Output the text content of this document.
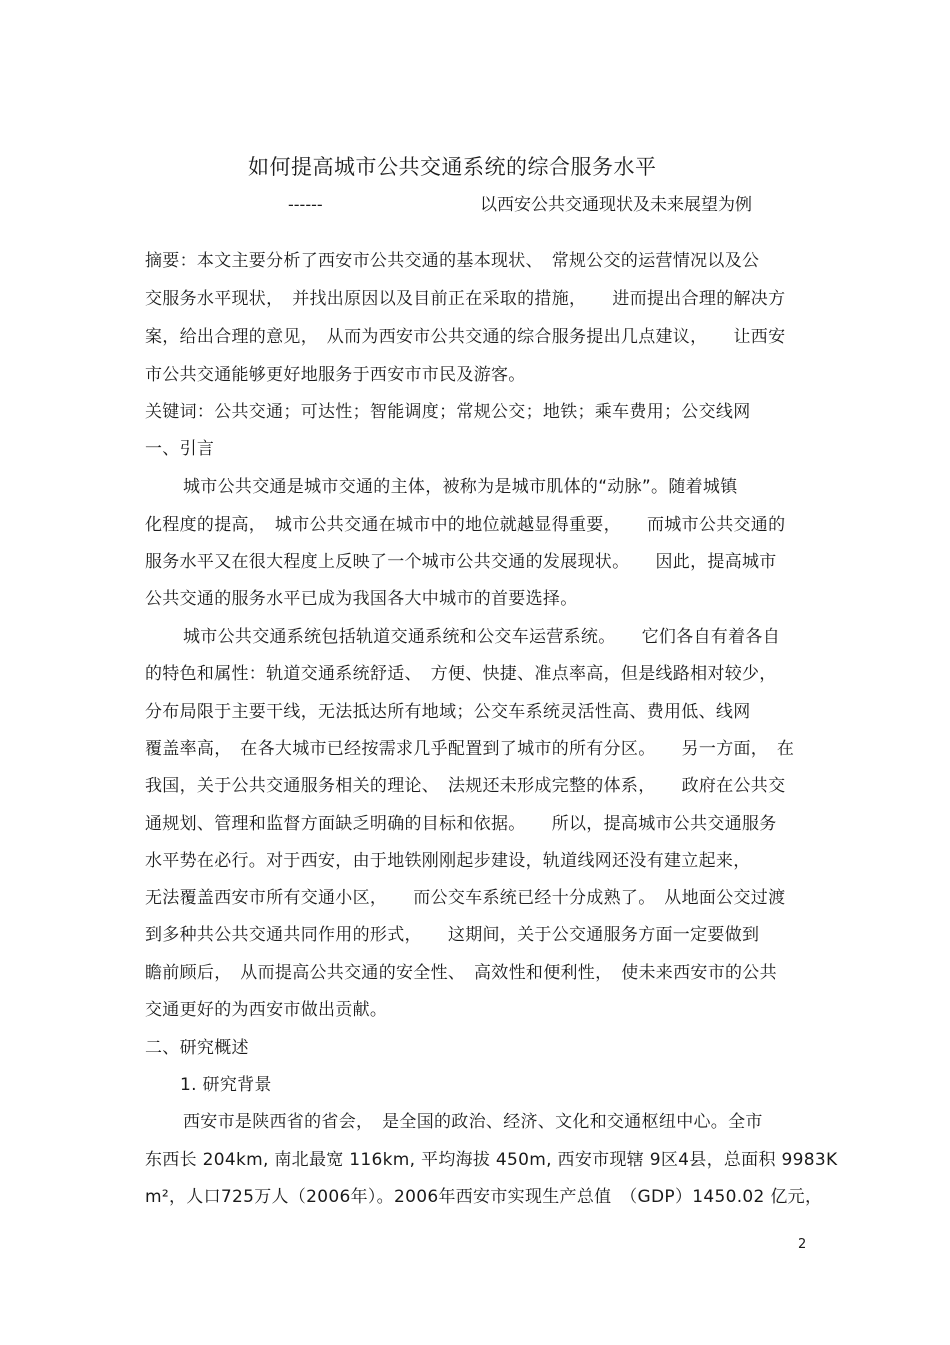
如何提高城市公共交通系统的综合服务水平
------	以西安公共交通现状及未来展望为例
摘要：本文主要分析了西安市公共交通的基本现状、　常规公交的运营情况以及公
交服务水平现状，　并找出原因以及目前正在采取的措施，　　进而提出合理的解决方
案，给出合理的意见，　从而为西安市公共交通的综合服务提出几点建议，　　让西安
市公共交通能够更好地服务于西安市市民及游客。
关键词：公共交通；可达性；智能调度；常规公交；地铁；乘车费用；公交线网
一、引言
城市公共交通是城市交通的主体，被称为是城市肌体的“动脉”。随着城镇
化程度的提高，　城市公共交通在城市中的地位就越显得重要，　　而城市公共交通的
服务水平又在很大程度上反映了一个城市公共交通的发展现状。　　因此，提高城市
公共交通的服务水平已成为我国各大中城市的首要选择。
城市公共交通系统包括轨道交通系统和公交车运营系统。　　它们各自有着各自
的特色和属性：轨道交通系统舒适、　方便、快捷、准点率高，但是线路相对较少，
分布局限于主要干线，无法抵达所有地域；公交车系统灵活性高、费用低、线网
覆盖率高，　在各大城市已经按需求几乎配置到了城市的所有分区。　　另一方面，　在
我国，关于公共交通服务相关的理论、　法规还未形成完整的体系，　　政府在公共交
通规划、管理和监督方面缺乏明确的目标和依据。　　所以，提高城市公共交通服务
水平势在必行。对于西安，由于地铁刚刚起步建设，轨道线网还没有建立起来，
无法覆盖西安市所有交通小区，　　而公交车系统已经十分成熟了。　从地面公交过渡
到多种共公共交通共同作用的形式，　　这期间，关于公交通服务方面一定要做到
瞻前顾后，　从而提高公共交通的安全性、　高效性和便利性，　使未来西安市的公共
交通更好的为西安市做出贡献。
二、研究概述
1. 研究背景
西安市是陕西省的省会，　是全国的政治、经济、文化和交通枢纽中心。全市
东西长 204km, 南北最宽 116km, 平均海拔 450m, 西安市现辖 9区4县，总面积 9983K
m²，人口725万人（2006年）。2006年西安市实现生产总值　（GDP）1450.02 亿元，
2
